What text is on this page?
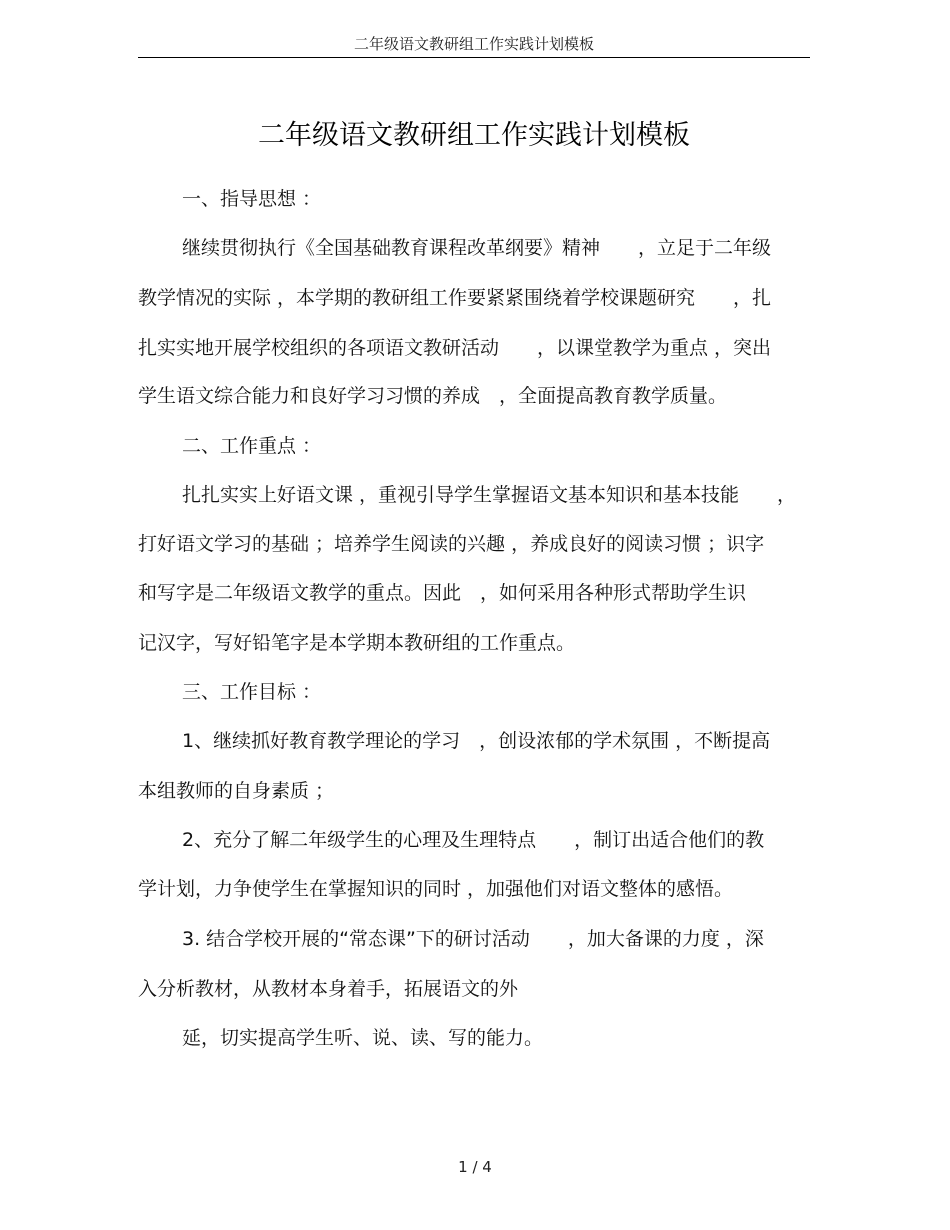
二年级语文教研组工作实践计划模板
二年级语文教研组工作实践计划模板
一、指导思想 ：
继续贯彻执行《全国基础教育课程改革纲要》精神　　，立足于二年级
教学情况的实际 ，本学期的教研组工作要紧紧围绕着学校课题研究　　，扎
扎实实地开展学校组织的各项语文教研活动　　，以课堂教学为重点 ，突出
学生语文综合能力和良好学习习惯的养成　，全面提高教育教学质量。
二、工作重点 ：
扎扎实实上好语文课 ，重视引导学生掌握语文基本知识和基本技能　　，
打好语文学习的基础 ；培养学生阅读的兴趣 ，养成良好的阅读习惯 ；识字
和写字是二年级语文教学的重点。因此　，如何采用各种形式帮助学生识
记汉字，写好铅笔字是本学期本教研组的工作重点。
三、工作目标 ：
1、继续抓好教育教学理论的学习　，创设浓郁的学术氛围 ，不断提高
本组教师的自身素质 ；
2、充分了解二年级学生的心理及生理特点　　，制订出适合他们的教
学计划，力争使学生在掌握知识的同时 ，加强他们对语文整体的感悟。
3. 结合学校开展的“常态课”下的研讨活动　　，加大备课的力度 ，深
入分析教材，从教材本身着手，拓展语文的外
延，切实提高学生听、说、读、写的能力。
1 / 4
